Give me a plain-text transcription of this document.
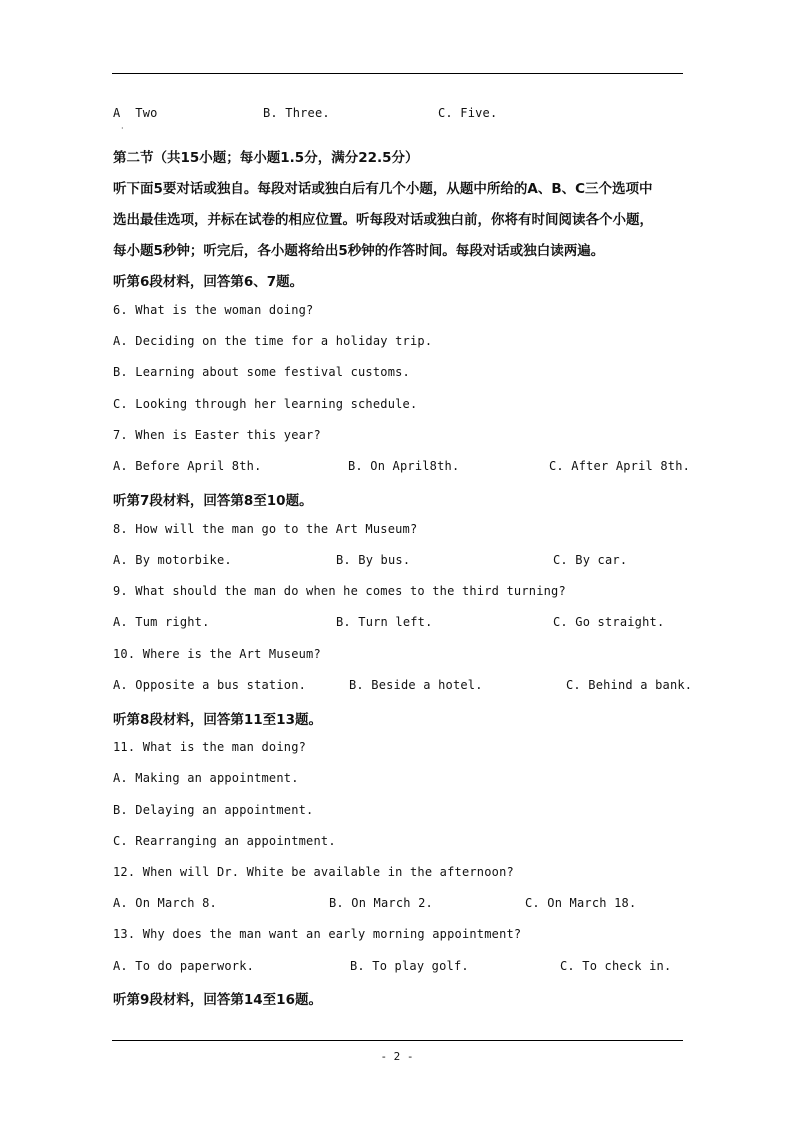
A  Two	B. Three.	C. Five.
·
第二节（共15小题；每小题1.5分，满分22.5分）
听下面5要对话或独自。每段对话或独白后有几个小题，从题中所给的A、B、C三个选项中
选出最佳选项，并标在试卷的相应位置。听每段对话或独白前，你将有时间阅读各个小题，
每小题5秒钟；听完后，各小题将给出5秒钟的作答时间。每段对话或独白读两遍。
听第6段材料，回答第6、7题。
6. What is the woman doing?
A. Deciding on the time for a holiday trip.
B. Learning about some festival customs.
C. Looking through her learning schedule.
7. When is Easter this year?
A. Before April 8th.	B. On April8th.	C. After April 8th.
听第7段材料，回答第8至10题。
8. How will the man go to the Art Museum?
A. By motorbike.	B. By bus.	C. By car.
9. What should the man do when he comes to the third turning?
A. Tum right.	B. Turn left.	C. Go straight.
10. Where is the Art Museum?
A. Opposite a bus station.	B. Beside a hotel.	C. Behind a bank.
听第8段材料，回答第11至13题。
11. What is the man doing?
A. Making an appointment.
B. Delaying an appointment.
C. Rearranging an appointment.
12. When will Dr. White be available in the afternoon?
A. On March 8.	B. On March 2.	C. On March 18.
13. Why does the man want an early morning appointment?
A. To do paperwork.	B. To play golf.	C. To check in.
听第9段材料，回答第14至16题。
- 2 -
